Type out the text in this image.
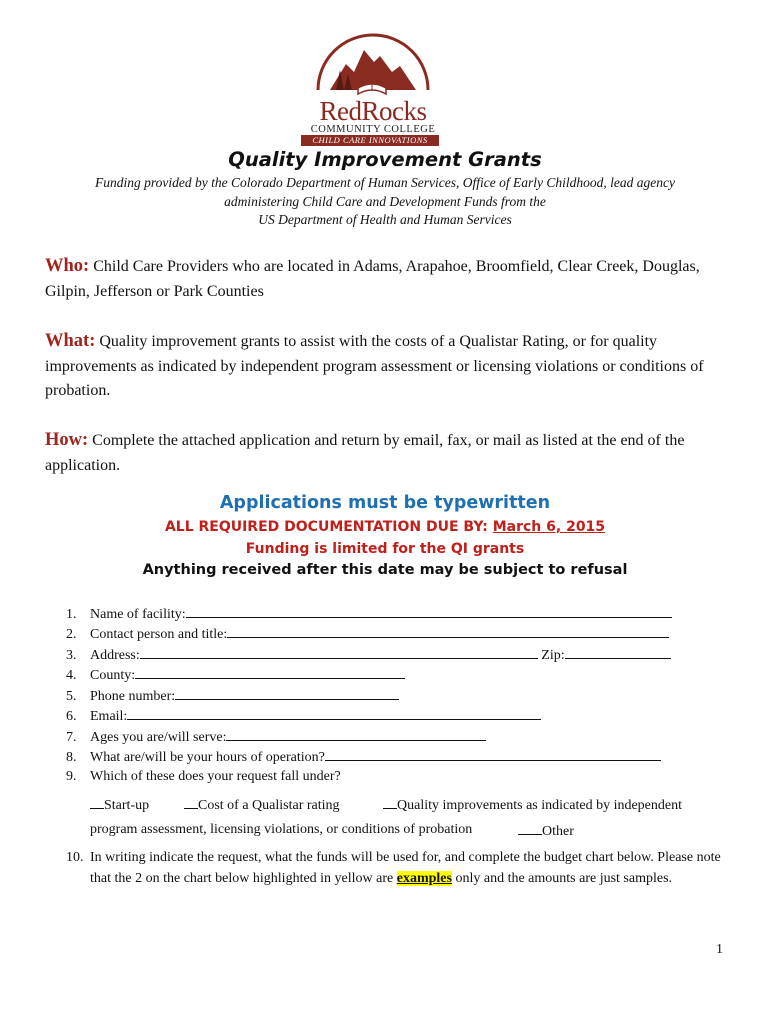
RedRocks
COMMUNITY COLLEGE
CHILD CARE INNOVATIONS
Quality Improvement Grants
Funding provided by the Colorado Department of Human Services, Office of Early Childhood, lead agency
administering Child Care and Development Funds from the
US Department of Health and Human Services
Who: Child Care Providers who are located in Adams, Arapahoe, Broomfield, Clear Creek, Douglas, Gilpin, Jefferson or Park Counties
What: Quality improvement grants to assist with the costs of a Qualistar Rating, or for quality improvements as indicated by independent program assessment or licensing violations or conditions of probation.
How: Complete the attached application and return by email, fax, or mail as listed at the end of the application.
Applications must be typewritten
ALL REQUIRED DOCUMENTATION DUE BY: March 6, 2015
Funding is limited for the QI grants
Anything received after this date may be subject to refusal
1. Name of facility:
2. Contact person and title:
3. Address:	Zip:
4. County:
5. Phone number:
6. Email:
7. Ages you are/will serve:
8. What are/will be your hours of operation?
9. Which of these does your request fall under?
Start-up	Cost of a Qualistar rating	Quality improvements as indicated by independent
program assessment, licensing violations, or conditions of probation	Other
10. In writing indicate the request, what the funds will be used for, and complete the budget chart below. Please note that the 2 on the chart below highlighted in yellow are examples only and the amounts are just samples.
1
